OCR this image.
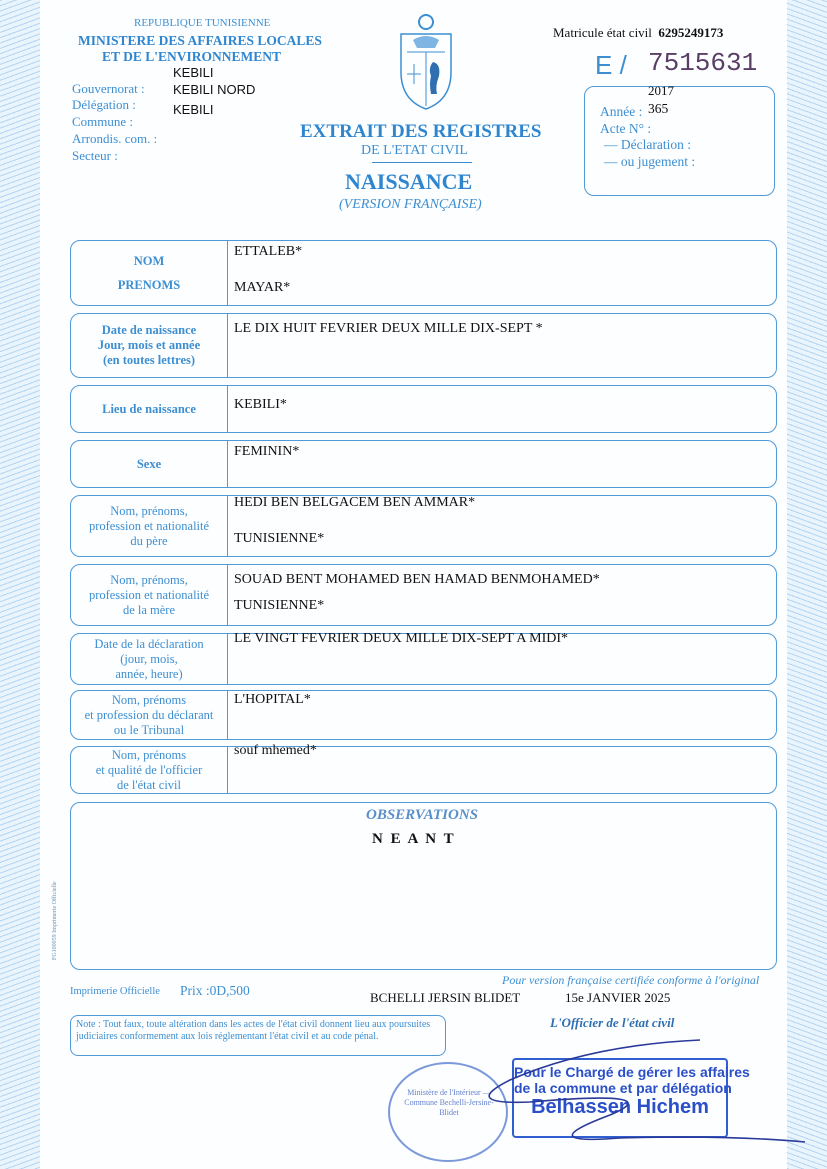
REPUBLIQUE TUNISIENNE
MINISTERE DES AFFAIRES LOCALES
ET DE L'ENVIRONNEMENT
Gouvernorat :
KEBILI
Délégation :
KEBILI NORD
Commune :
KEBILI
Arrondis. com. :
Secteur :
EXTRAIT DES REGISTRES
DE L'ETAT CIVIL
NAISSANCE
(VERSION FRANÇAISE)
Matricule état civil 6295249173
E / 7515631
2017
Année : 365
Acte N° :
— Déclaration :
— ou jugement :
NOM
PRENOMS
ETTALEB*
MAYAR*
Date de naissance
Jour, mois et année
(en toutes lettres)
LE DIX HUIT FEVRIER DEUX MILLE DIX-SEPT *
Lieu de naissance	KEBILI*
Sexe
FEMININ*
Nom, prénoms,
profession et nationalité
du père
HEDI BEN BELGACEM BEN AMMAR*
TUNISIENNE*
Nom, prénoms,
profession et nationalité
de la mère
SOUAD BENT MOHAMED BEN HAMAD BENMOHAMED*
TUNISIENNE*
Date de la déclaration
(jour, mois,
année, heure)
LE VINGT FEVRIER DEUX MILLE DIX-SEPT A MIDI*
Nom, prénoms
et profession du déclarant
ou le Tribunal
L'HOPITAL*
Nom, prénoms
et qualité de l'officier
de l'état civil
souf mhemed*
OBSERVATIONS
N E A N T
FG100059 Imprimerie Officielle
Imprimerie Officielle Prix :0D,500
Pour version française certifiée conforme à l'original
BCHELLI JERSIN BLIDET	15e JANVIER 2025
L'Officier de l'état civil
Note : Tout faux, toute altération dans les actes de l'état civil donnent lieu aux poursuites judiciaires conformement aux lois réglementant l'état civil et au code pénal.
Ministère de l'Intérieur — Commune Bechelli-Jersine-Blidet
Pour le Chargé de gérer les affaires
de la commune et par délégation
Belhassen Hichem
